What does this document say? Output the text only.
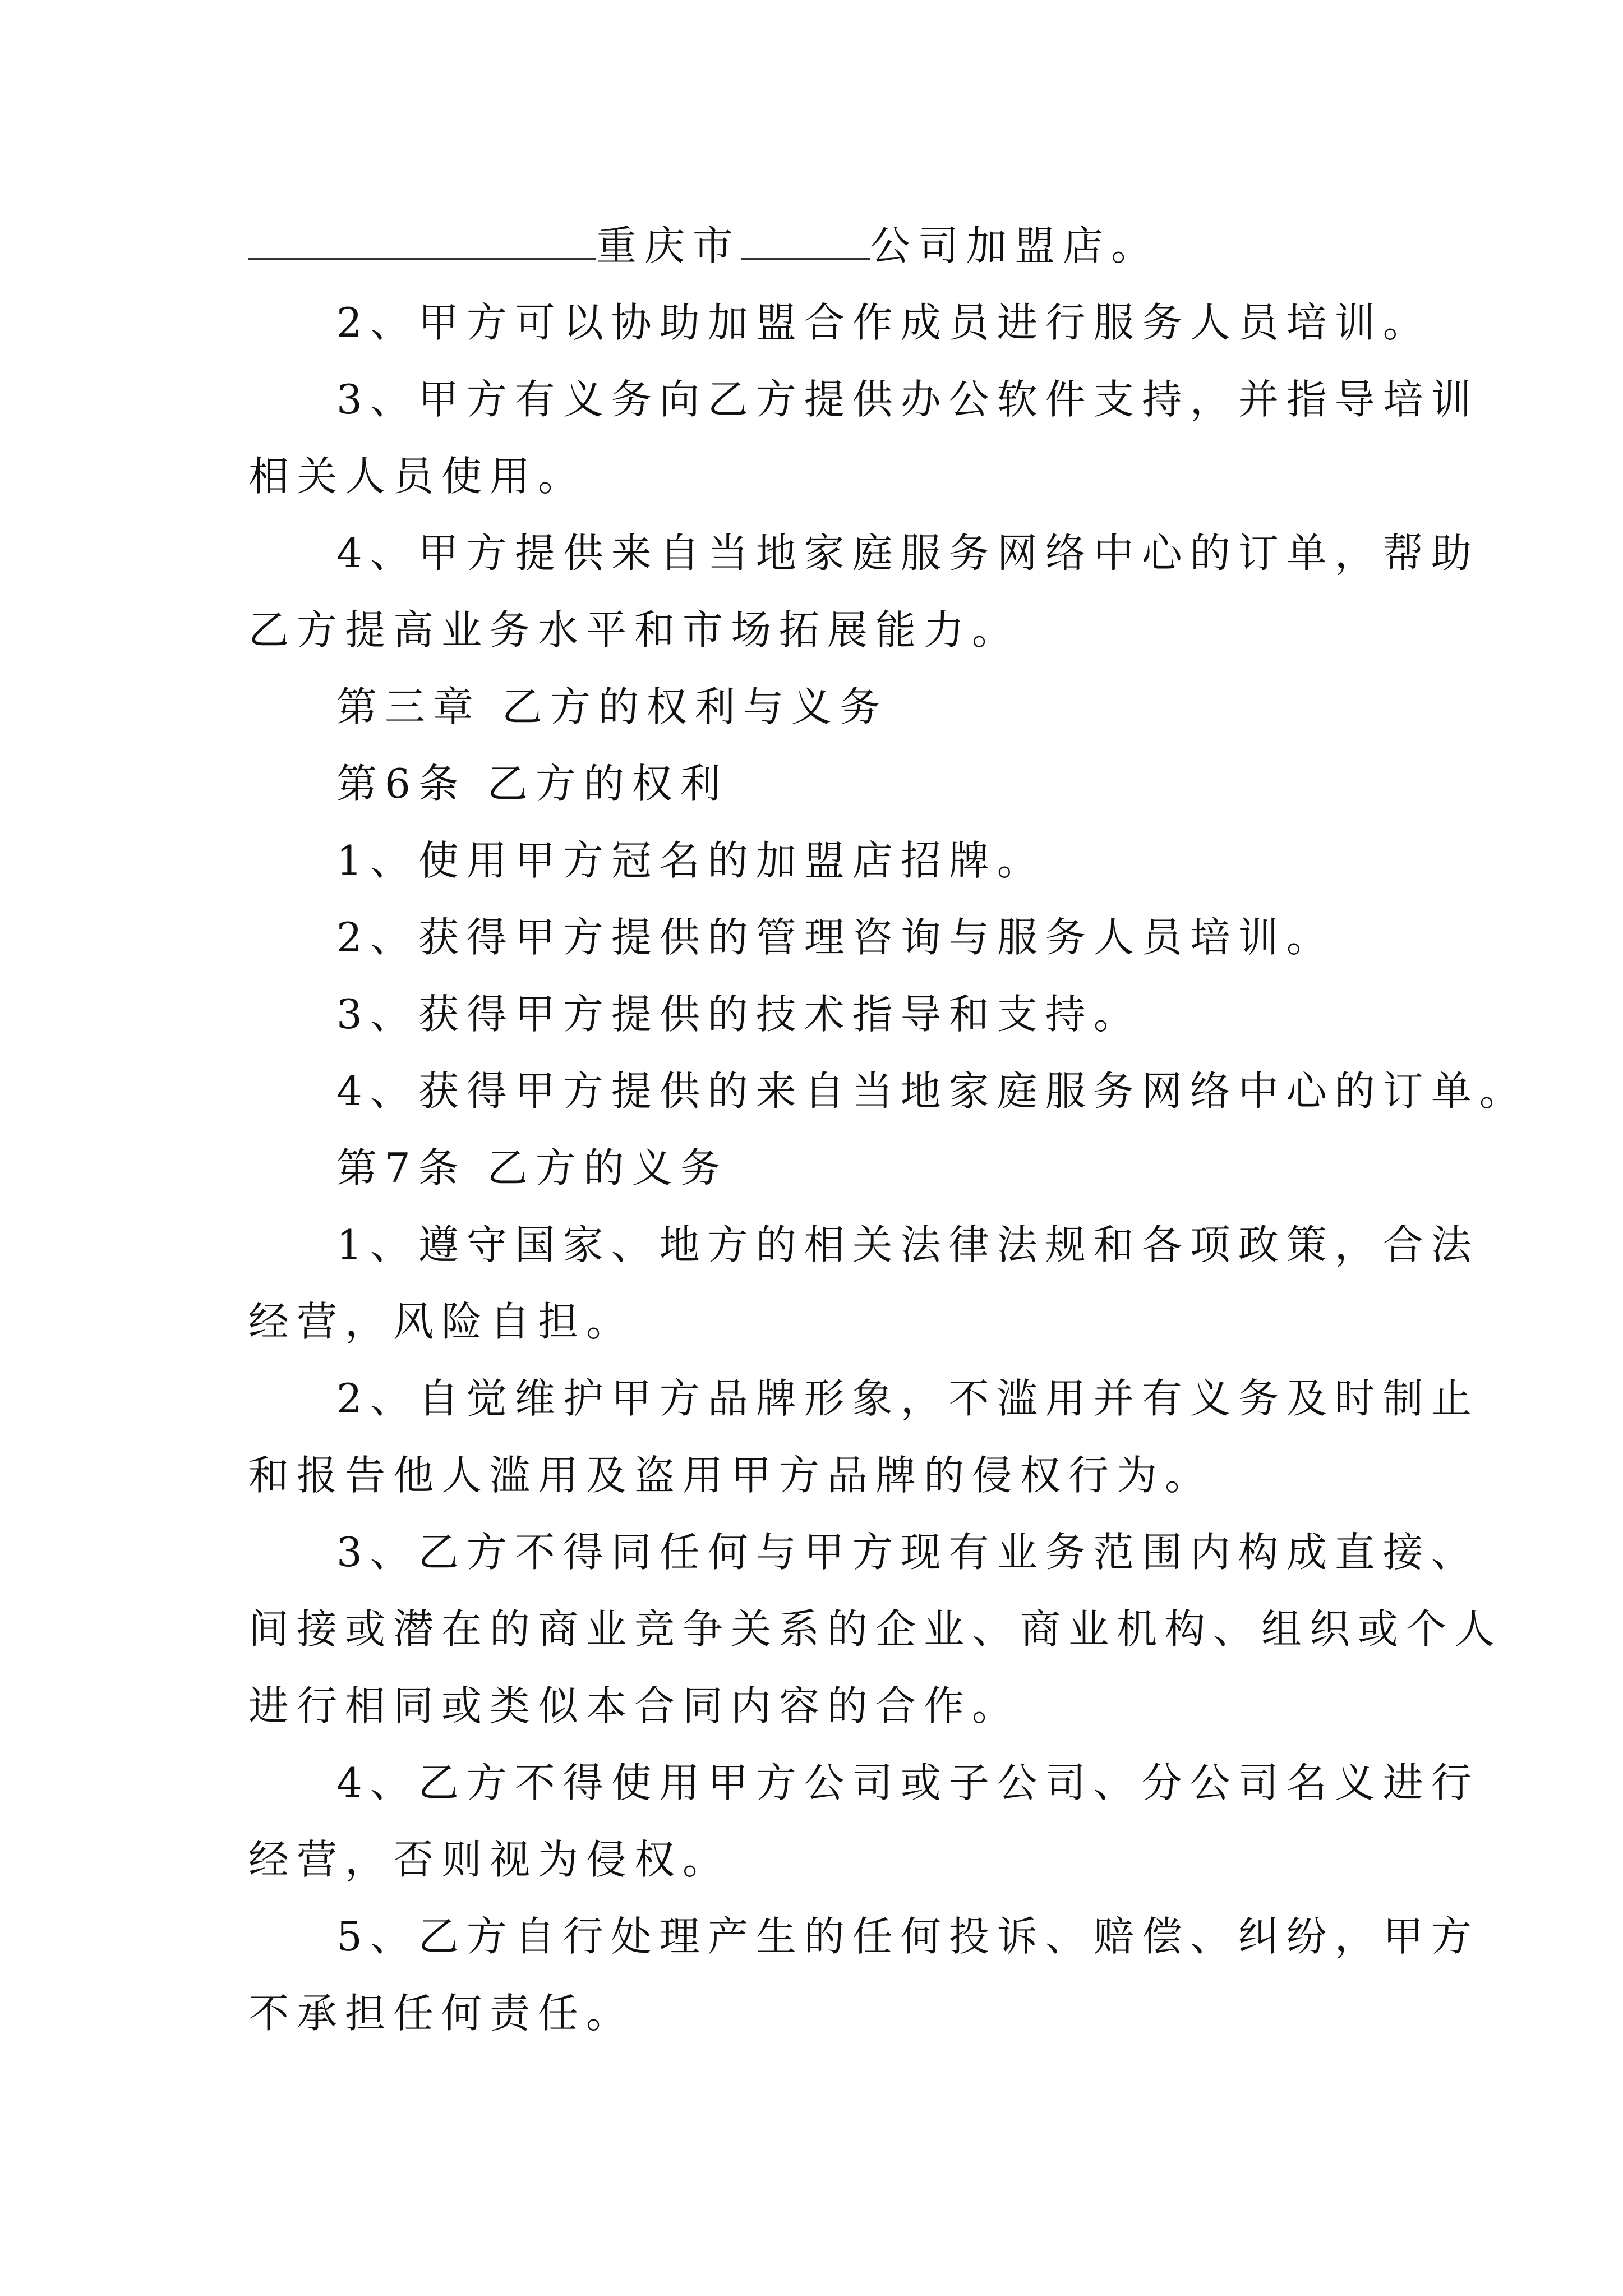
重庆市	公司加盟店。
2、甲方可以协助加盟合作成员进行服务人员培训。
3、甲方有义务向乙方提供办公软件支持，并指导培训
相关人员使用。
4、甲方提供来自当地家庭服务网络中心的订单，帮助
乙方提高业务水平和市场拓展能力。
第三章 乙方的权利与义务
第6条 乙方的权利
1、使用甲方冠名的加盟店招牌。
2、获得甲方提供的管理咨询与服务人员培训。
3、获得甲方提供的技术指导和支持。
4、获得甲方提供的来自当地家庭服务网络中心的订单。
第7条 乙方的义务
1、遵守国家、地方的相关法律法规和各项政策，合法
经营，风险自担。
2、自觉维护甲方品牌形象，不滥用并有义务及时制止
和报告他人滥用及盗用甲方品牌的侵权行为。
3、乙方不得同任何与甲方现有业务范围内构成直接、
间接或潜在的商业竞争关系的企业、商业机构、组织或个人
进行相同或类似本合同内容的合作。
4、乙方不得使用甲方公司或子公司、分公司名义进行
经营，否则视为侵权。
5、乙方自行处理产生的任何投诉、赔偿、纠纷，甲方
不承担任何责任。
